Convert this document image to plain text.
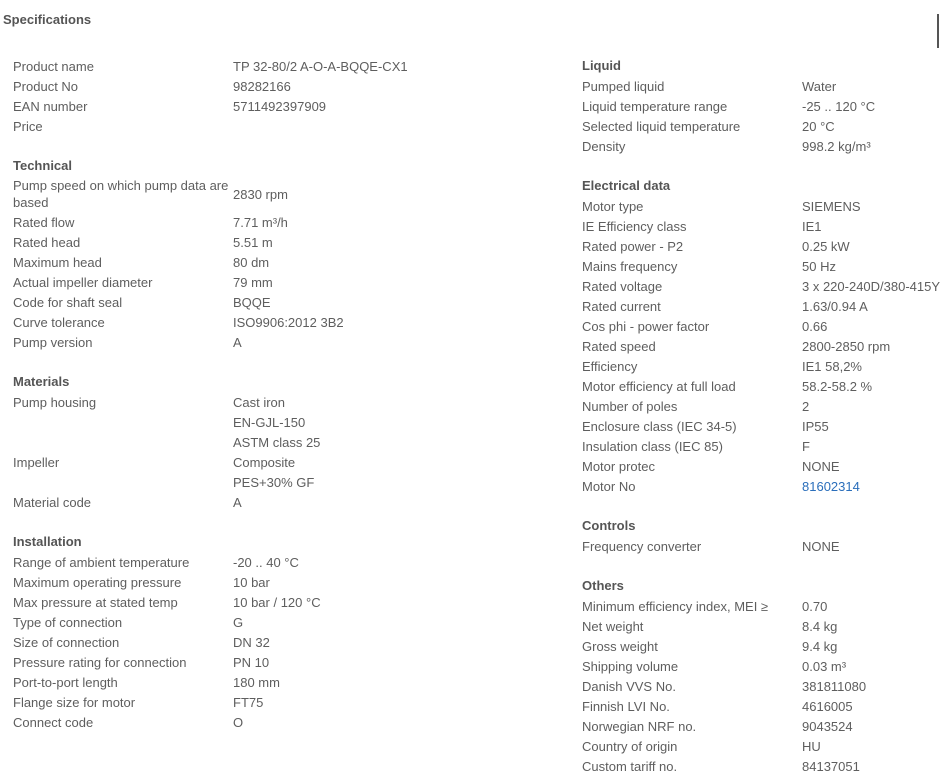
Specifications
Product name	TP 32-80/2 A-O-A-BQQE-CX1
Product No	98282166
EAN number	5711492397909
Price
Technical
Pump speed on which pump data are based
2830 rpm
Rated flow	7.71 m³/h
Rated head	5.51 m
Maximum head	80 dm
Actual impeller diameter	79 mm
Code for shaft seal	BQQE
Curve tolerance	ISO9906:2012 3B2
Pump version	A
Materials
Pump housing	Cast iron
EN-GJL-150
ASTM class 25
Impeller	Composite
PES+30% GF
Material code	A
Installation
Range of ambient temperature	-20 .. 40 °C
Maximum operating pressure	10 bar
Max pressure at stated temp	10 bar / 120 °C
Type of connection	G
Size of connection	DN 32
Pressure rating for connection	PN 10
Port-to-port length	180 mm
Flange size for motor	FT75
Connect code	O
Liquid
Pumped liquid	Water
Liquid temperature range	-25 .. 120 °C
Selected liquid temperature	20 °C
Density	998.2 kg/m³
Electrical data
Motor type	SIEMENS
IE Efficiency class	IE1
Rated power - P2	0.25 kW
Mains frequency	50 Hz
Rated voltage	3 x 220-240D/380-415Y
Rated current	1.63/0.94 A
Cos phi - power factor	0.66
Rated speed	2800-2850 rpm
Efficiency	IE1 58,2%
Motor efficiency at full load	58.2-58.2 %
Number of poles	2
Enclosure class (IEC 34-5)	IP55
Insulation class (IEC 85)	F
Motor protec	NONE
Motor No	81602314
Controls
Frequency converter	NONE
Others
Minimum efficiency index, MEI ≥	0.70
Net weight	8.4 kg
Gross weight	9.4 kg
Shipping volume	0.03 m³
Danish VVS No.	381811080
Finnish LVI No.	4616005
Norwegian NRF no.	9043524
Country of origin	HU
Custom tariff no.	84137051
